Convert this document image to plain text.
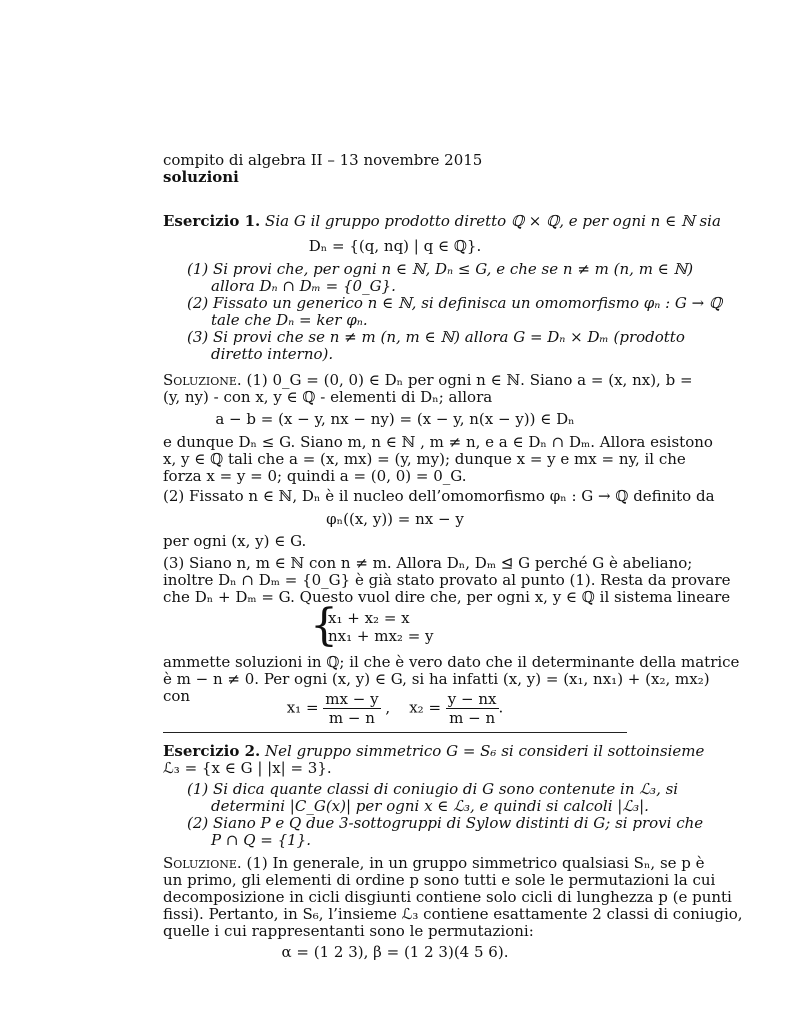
compito di algebra II – 13 novembre 2015
soluzioni
Esercizio 1. Sia G il gruppo prodotto diretto ℚ × ℚ, e per ogni n ∈ ℕ sia
Dₙ = {(q, nq) | q ∈ ℚ}.
(1) Si provi che, per ogni n ∈ ℕ, Dₙ ≤ G, e che se n ≠ m (n, m ∈ ℕ)
allora Dₙ ∩ Dₘ = {0_G}.
(2) Fissato un generico n ∈ ℕ, si definisca un omomorfismo φₙ : G → ℚ
tale che Dₙ = ker φₙ.
(3) Si provi che se n ≠ m (n, m ∈ ℕ) allora G = Dₙ × Dₘ (prodotto
diretto interno).
Soluzione. (1) 0_G = (0, 0) ∈ Dₙ per ogni n ∈ ℕ. Siano a = (x, nx), b =
(y, ny) - con x, y ∈ ℚ - elementi di Dₙ; allora
a − b = (x − y, nx − ny) = (x − y, n(x − y)) ∈ Dₙ
e dunque Dₙ ≤ G. Siano m, n ∈ ℕ , m ≠ n, e a ∈ Dₙ ∩ Dₘ. Allora esistono
x, y ∈ ℚ tali che a = (x, mx) = (y, my); dunque x = y e mx = ny, il che
forza x = y = 0; quindi a = (0, 0) = 0_G.
(2) Fissato n ∈ ℕ, Dₙ è il nucleo dell’omomorfismo φₙ : G → ℚ definito da
φₙ((x, y)) = nx − y
per ogni (x, y) ∈ G.
(3) Siano n, m ∈ ℕ con n ≠ m. Allora Dₙ, Dₘ ⊴ G perché G è abeliano;
inoltre Dₙ ∩ Dₘ = {0_G} è già stato provato al punto (1). Resta da provare
che Dₙ + Dₘ = G. Questo vuol dire che, per ogni x, y ∈ ℚ il sistema lineare
{
x₁ + x₂ = x
nx₁ + mx₂ = y
ammette soluzioni in ℚ; il che è vero dato che il determinante della matrice
è m − n ≠ 0. Per ogni (x, y) ∈ G, si ha infatti (x, y) = (x₁, nx₁) + (x₂, mx₂)
con
$x_1 = \frac{mx - y}{m - n}$ , $x_2 = \frac{y - nx}{m - n}$ .
Esercizio 2. Nel gruppo simmetrico G = S₆ si consideri il sottoinsieme
ℒ₃ = {x ∈ G | |x| = 3}.
(1) Si dica quante classi di coniugio di G sono contenute in ℒ₃, si
determini |C_G(x)| per ogni x ∈ ℒ₃, e quindi si calcoli |ℒ₃|.
(2) Siano P e Q due 3-sottogruppi di Sylow distinti di G; si provi che
P ∩ Q = {1}.
Soluzione. (1) In generale, in un gruppo simmetrico qualsiasi Sₙ, se p è
un primo, gli elementi di ordine p sono tutti e sole le permutazioni la cui
decomposizione in cicli disgiunti contiene solo cicli di lunghezza p (e punti
fissi). Pertanto, in S₆, l’insieme ℒ₃ contiene esattamente 2 classi di coniugio,
quelle i cui rappresentanti sono le permutazioni:
α = (1 2 3), β = (1 2 3)(4 5 6).
